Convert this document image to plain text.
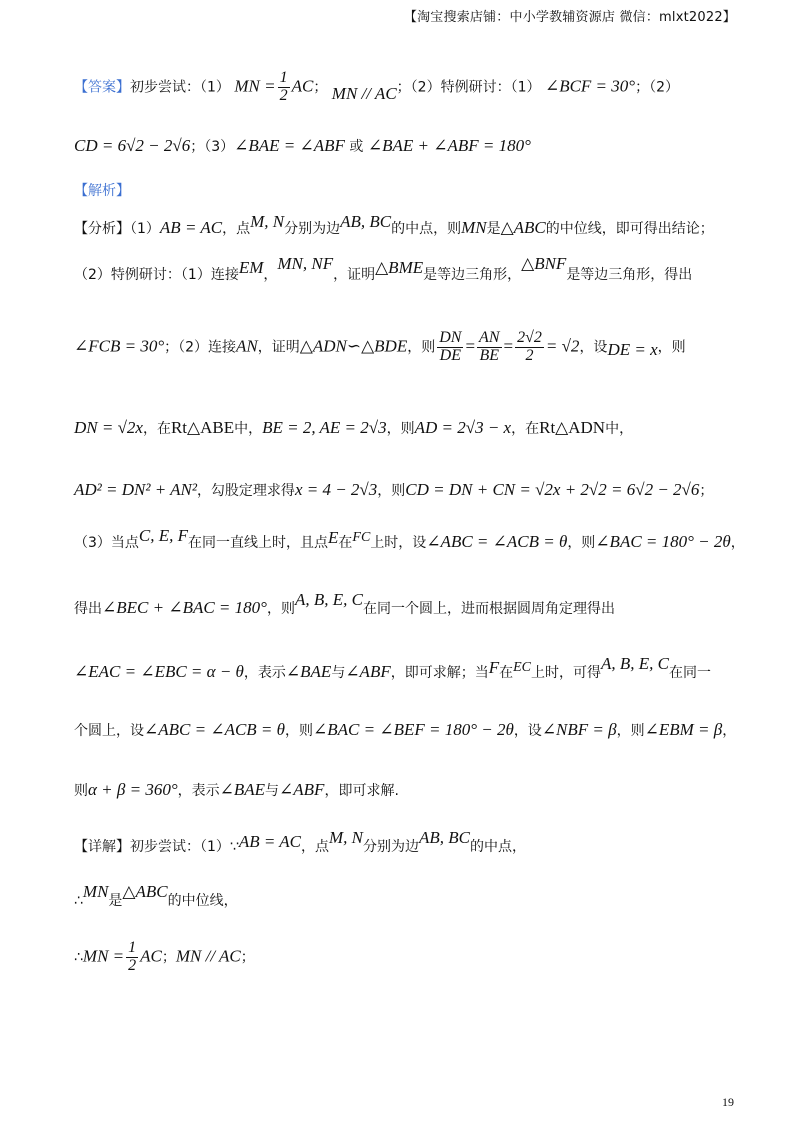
【淘宝搜索店铺：中小学教辅资源店 微信：mlxt2022】
【答案】初步尝试：（1） MN = $\frac{1}{2}$ AC； MN // AC；（2）特例研讨：（1） ∠BCF = 30°；（2）
CD = 6√2 − 2√6；（3）∠BAE = ∠ABF 或 ∠BAE + ∠ABF = 180°
【解析】
【分析】（1）AB = AC，点M, N分别为边AB, BC的中点，则MN是△ABC的中位线，即可得出结论；
（2）特例研讨：（1）连接EM，MN, NF，证明△BME是等边三角形，△BNF是等边三角形，得出
∠FCB = 30°；（2）连接AN，证明△ADN∽△BDE，则 $\frac{DN}{DE} = \frac{AN}{BE} = \frac{2√2}{2} = √2$，设DE = x，则
DN = √2x，在Rt△ABE中，BE = 2, AE = 2√3，则AD = 2√3 − x，在Rt△ADN中，
AD² = DN² + AN²，勾股定理求得x = 4 − 2√3，则CD = DN + CN = √2x + 2√2 = 6√2 − 2√6；
（3）当点C, E, F在同一直线上时，且点E在FC上时，设∠ABC = ∠ACB = θ，则∠BAC = 180° − 2θ，
得出∠BEC + ∠BAC = 180°，则A, B, E, C在同一个圆上，进而根据圆周角定理得出
∠EAC = ∠EBC = α − θ，表示∠BAE与∠ABF，即可求解；当F在EC上时，可得A, B, E, C在同一
个圆上，设∠ABC = ∠ACB = θ，则∠BAC = ∠BEF = 180° − 2θ，设∠NBF = β，则∠EBM = β，
则α + β = 360°，表示∠BAE与∠ABF，即可求解.
【详解】初步尝试：（1）∵AB = AC，点M, N分别为边AB, BC的中点，
∴MN是△ABC的中位线，
∴MN = $\frac{1}{2}$ AC；MN // AC；
19
